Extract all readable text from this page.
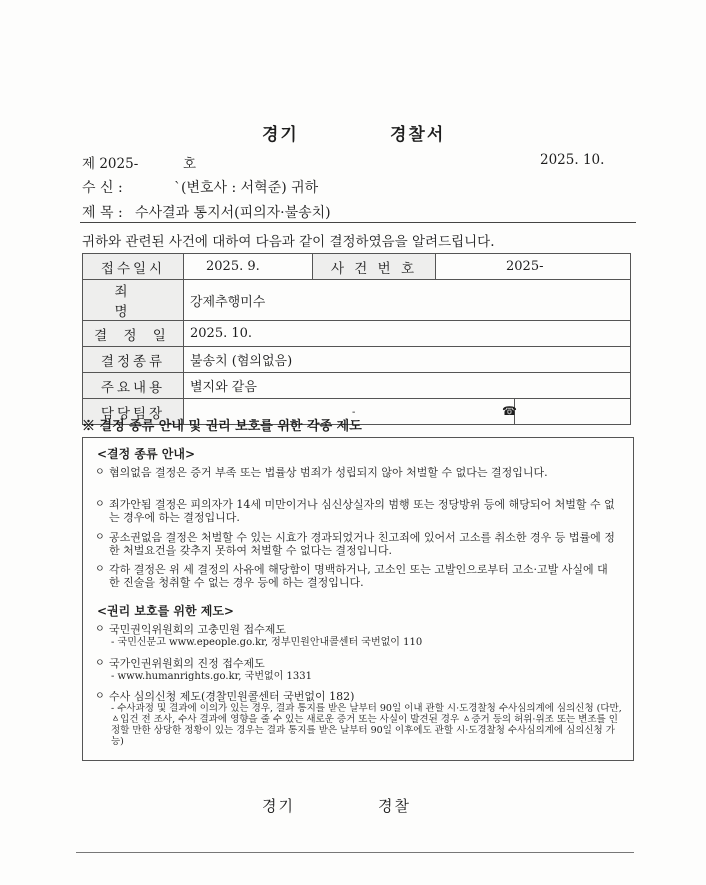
경기	경찰서
제 2025-	호	2025. 10.
수 신 :	`(변호사 : 서혁준) 귀하
제 목 : 수사결과 통지서(피의자·불송치)
귀하와 관련된 사건에 대하여 다음과 같이 결정하였음을 알려드립니다.
접수일시	2025. 9.	사 건 번 호	2025-
죄 명	강제추행미수		
결 정 일	2025. 10.		
결정종류	불송치 (혐의없음)		
주요내용	별지와 같음		
담당팀장	- ☎		
※ 결정 종류 안내 및 권리 보호를 위한 각종 제도
<결정 종류 안내>
ㅇ 혐의없음 결정은 증거 부족 또는 법률상 범죄가 성립되지 않아 처벌할 수 없다는 결정입니다.
ㅇ 죄가안됨 결정은 피의자가 14세 미만이거나 심신상실자의 범행 또는 정당방위 등에 해당되어 처벌할 수 없는 경우에 하는 결정입니다.
ㅇ 공소권없음 결정은 처벌할 수 있는 시효가 경과되었거나 친고죄에 있어서 고소를 취소한 경우 등 법률에 정한 처벌요건을 갖추지 못하여 처벌할 수 없다는 결정입니다.
ㅇ 각하 결정은 위 세 결정의 사유에 해당함이 명백하거나, 고소인 또는 고발인으로부터 고소·고발 사실에 대한 진술을 청취할 수 없는 경우 등에 하는 결정입니다.
<권리 보호를 위한 제도>
ㅇ 국민권익위원회의 고충민원 접수제도
- 국민신문고 www.epeople.go.kr, 정부민원안내콜센터 국번없이 110
ㅇ 국가인권위원회의 진정 접수제도
- www.humanrights.go.kr, 국번없이 1331
ㅇ 수사 심의신청 제도(경찰민원콜센터 국번없이 182)
- 수사과정 및 결과에 이의가 있는 경우, 결과 통지를 받은 날부터 90일 이내 관할 시·도경찰청 수사심의계에 심의신청 (다만, ㅿ입건 전 조사, 수사 결과에 영향을 줄 수 있는 새로운 증거 또는 사실이 발견된 경우 ㅿ증거 등의 허위·위조 또는 변조를 인정할 만한 상당한 정황이 있는 경우는 결과 통지를 받은 날부터 90일 이후에도 관할 시·도경찰청 수사심의계에 심의신청 가능)
경기	경찰
